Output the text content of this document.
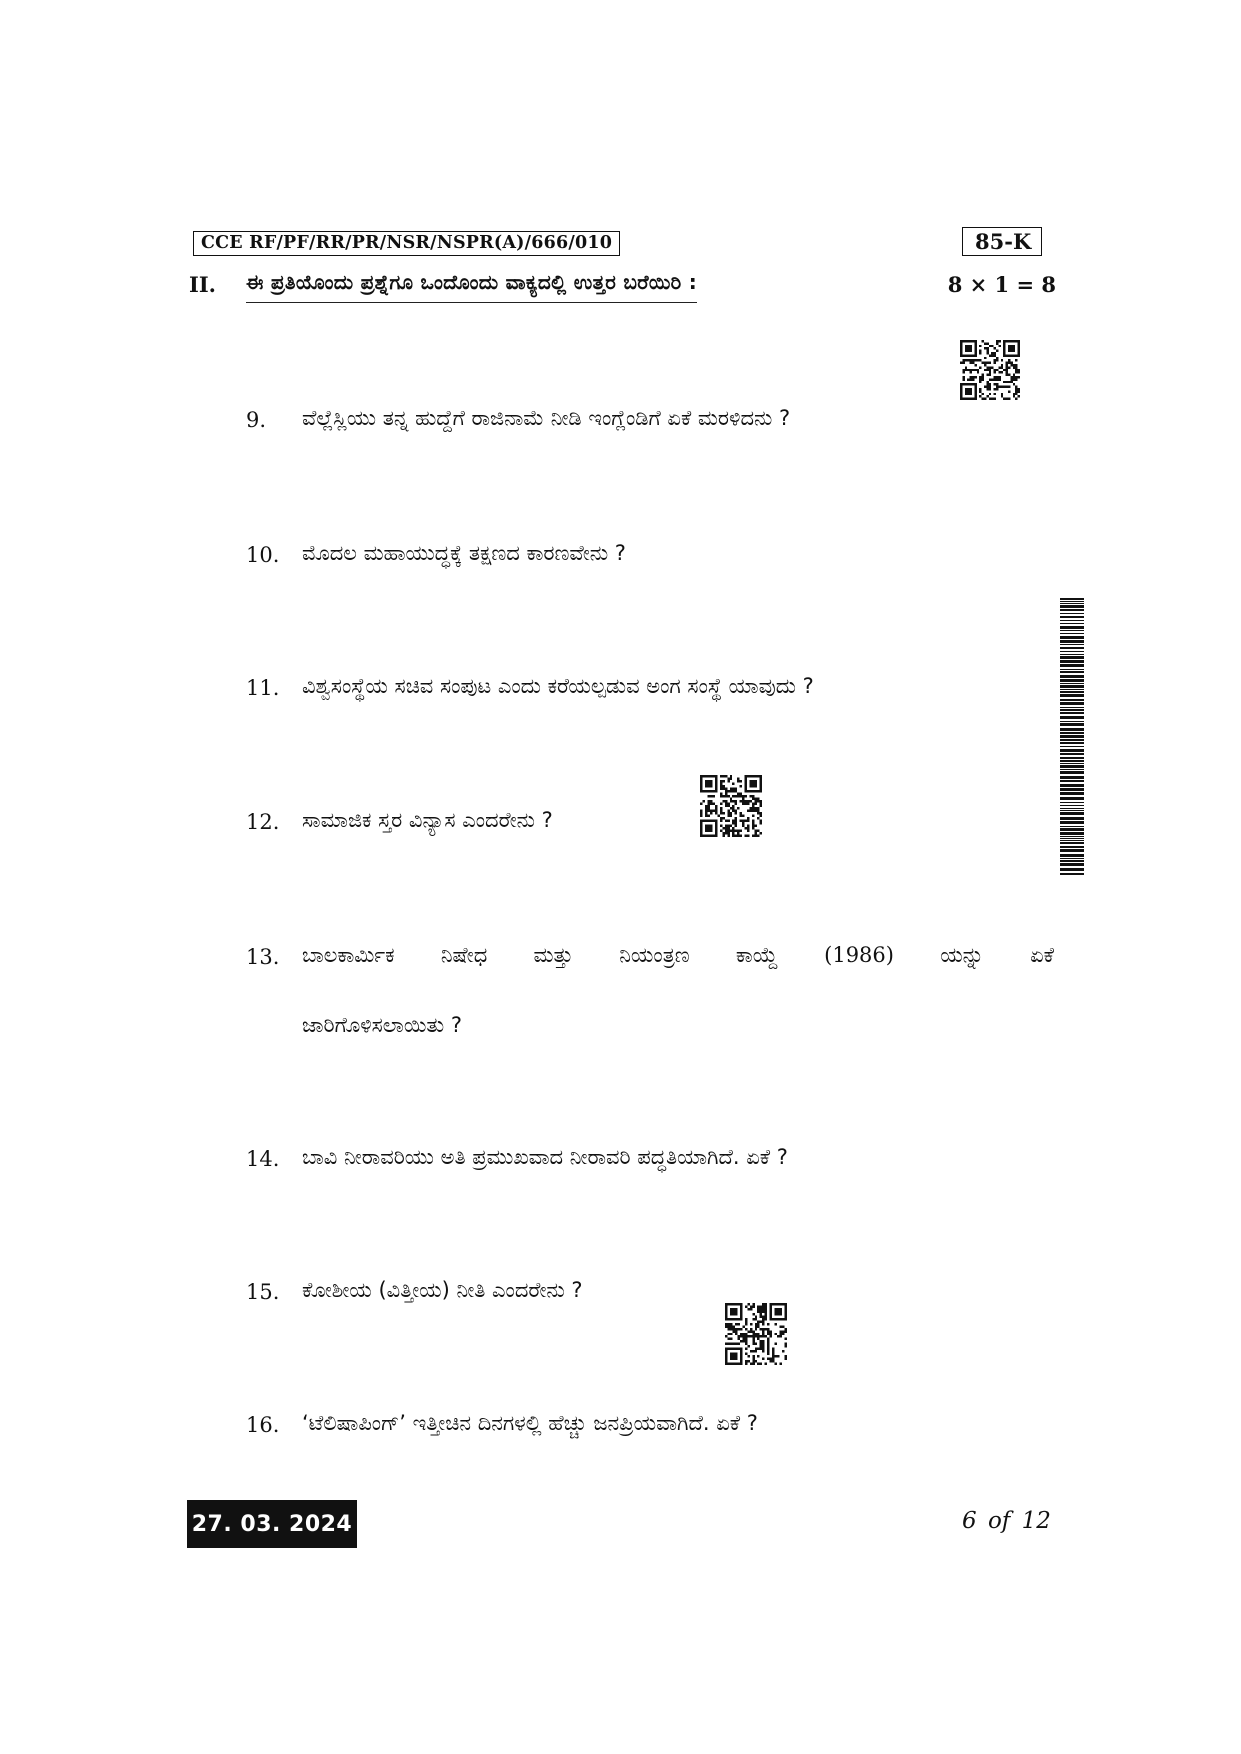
CCE RF/PF/RR/PR/NSR/NSPR(A)/666/010	85-K
II. ಈ ಪ್ರತಿಯೊಂದು ಪ್ರಶ್ನೆಗೂ ಒಂದೊಂದು ವಾಕ್ಯದಲ್ಲಿ ಉತ್ತರ ಬರೆಯಿರಿ :	8 × 1 = 8
9. ವೆಲ್ಲೆಸ್ಲಿಯು ತನ್ನ ಹುದ್ದೆಗೆ ರಾಜಿನಾಮೆ ನೀಡಿ ಇಂಗ್ಲೆಂಡಿಗೆ ಏಕೆ ಮರಳಿದನು ?
10. ಮೊದಲ ಮಹಾಯುದ್ಧಕ್ಕೆ ತಕ್ಷಣದ ಕಾರಣವೇನು ?
11. ವಿಶ್ವಸಂಸ್ಥೆಯ ಸಚಿವ ಸಂಪುಟ ಎಂದು ಕರೆಯಲ್ಪಡುವ ಅಂಗ ಸಂಸ್ಥೆ ಯಾವುದು ?
12. ಸಾಮಾಜಿಕ ಸ್ತರ ವಿನ್ಯಾಸ ಎಂದರೇನು ?
13. ಬಾಲಕಾರ್ಮಿಕ ನಿಷೇಧ ಮತ್ತು ನಿಯಂತ್ರಣ ಕಾಯ್ದೆ (1986) ಯನ್ನು ಏಕೆ
ಜಾರಿಗೊಳಿಸಲಾಯಿತು ?
14. ಬಾವಿ ನೀರಾವರಿಯು ಅತಿ ಪ್ರಮುಖವಾದ ನೀರಾವರಿ ಪದ್ಧತಿಯಾಗಿದೆ. ಏಕೆ ?
15. ಕೋಶೀಯ (ವಿತ್ತೀಯ) ನೀತಿ ಎಂದರೇನು ?
16. ‘ಟೆಲಿಷಾಪಿಂಗ್’ ಇತ್ತೀಚಿನ ದಿನಗಳಲ್ಲಿ ಹೆಚ್ಚು ಜನಪ್ರಿಯವಾಗಿದೆ. ಏಕೆ ?
27. 03. 2024	6 of 12
